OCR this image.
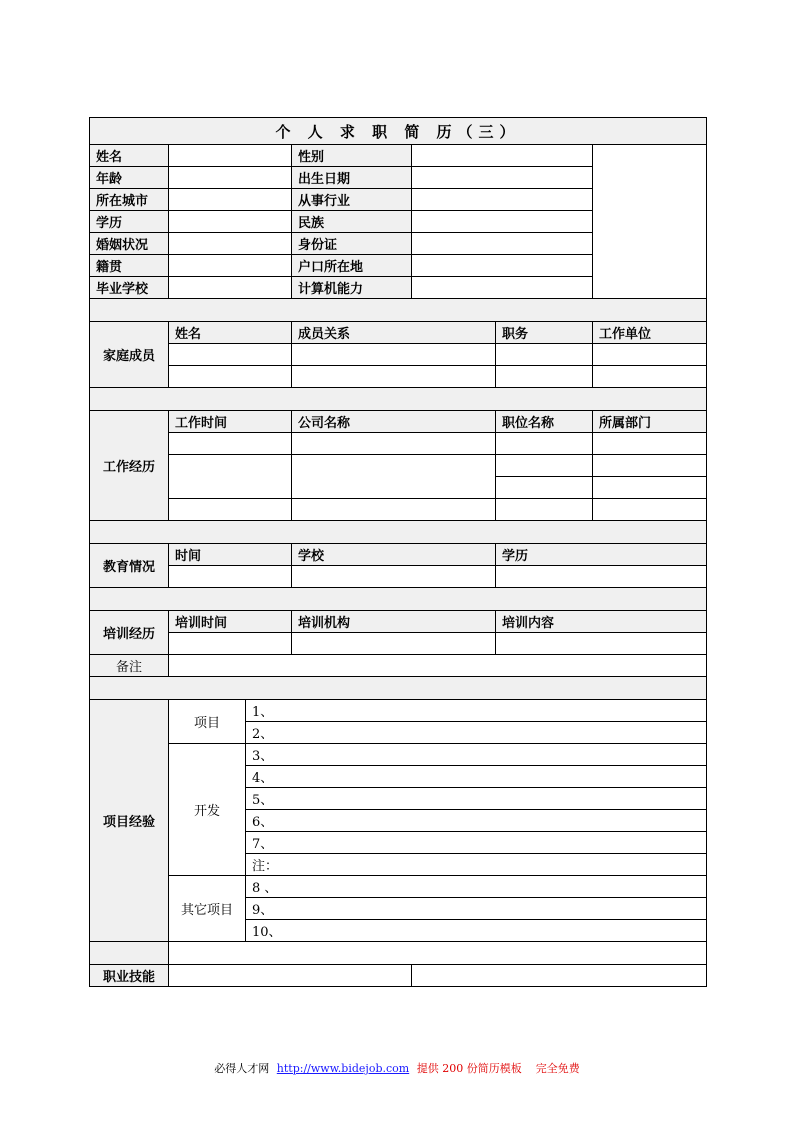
个 人 求 职 简 历（三）						
姓名			性别			
年龄			出生日期			
所在城市			从事行业			
学历			民族			
婚姻状况			身份证			
籍贯			户口所在地			
毕业学校			计算机能力			

家庭成员	姓名		成员关系		职务	工作单位

工作经历	工作时间		公司名称		职位名称	所属部门

教育情况	时间		学校		学历	

培训经历	培训时间		培训机构		培训内容	

备注						

项目经验	项目	1、				
		2、				
	开发	3、				
		4、				
		5、				
		6、				
		7、				
		注：				
	其它项目	8 、				
		9、				
		10、				

职业技能						
必得人才网 http://www.bidejob.com 提供 200 份简历模板 完全免费
